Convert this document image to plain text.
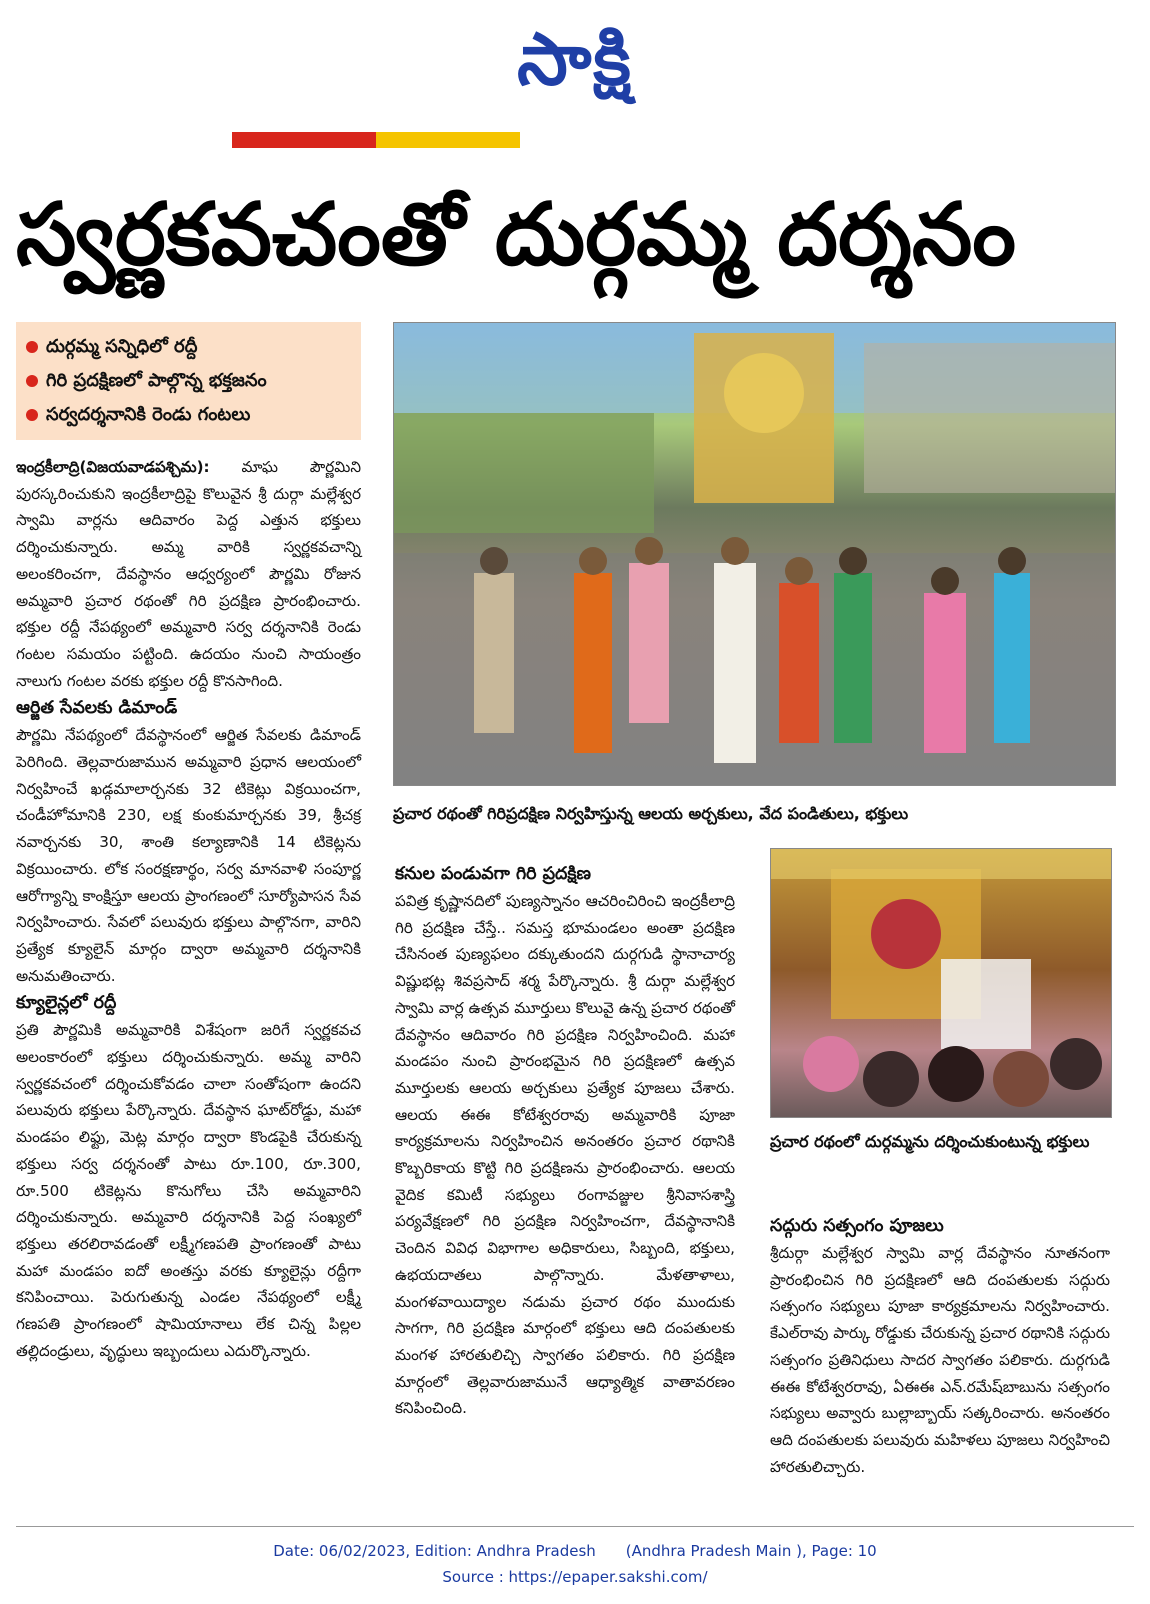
సాక్షి
స్వర్ణకవచంతో దుర్గమ్మ దర్శనం
దుర్గమ్మ సన్నిధిలో రద్దీ
గిరి ప్రదక్షిణలో పాల్గొన్న భక్తజనం
సర్వదర్శనానికి రెండు గంటలు

ఇంద్రకీలాద్రి(విజయవాడపశ్చిమ): మాఘ పౌర్ణమిని పురస్కరించుకుని ఇంద్రకీలాద్రిపై కొలువైన శ్రీ దుర్గా మల్లేశ్వర స్వామి వార్లను ఆదివారం పెద్ద ఎత్తున భక్తులు దర్శించుకున్నారు. అమ్మ వారికి స్వర్ణకవచాన్ని అలంకరించగా, దేవస్థానం ఆధ్వర్యంలో పౌర్ణమి రోజున అమ్మవారి ప్రచార రథంతో గిరి ప్రదక్షిణ ప్రారంభించారు. భక్తుల రద్దీ నేపథ్యంలో అమ్మవారి సర్వ దర్శనానికి రెండు గంటల సమయం పట్టింది. ఉదయం నుంచి సాయంత్రం నాలుగు గంటల వరకు భక్తుల రద్దీ కొనసాగింది.

ఆర్జిత సేవలకు డిమాండ్

పౌర్ణమి నేపథ్యంలో దేవస్థానంలో ఆర్జిత సేవలకు డిమాండ్ పెరిగింది. తెల్లవారుజామున అమ్మవారి ప్రధాన ఆలయంలో నిర్వహించే ఖడ్గమాలార్చనకు 32 టికెట్లు విక్రయించగా, చండీహోమానికి 230, లక్ష కుంకుమార్చనకు 39, శ్రీచక్ర నవార్చనకు 30, శాంతి కల్యాణానికి 14 టికెట్లను విక్రయించారు. లోక సంరక్షణార్థం, సర్వ మానవాళి సంపూర్ణ ఆరోగ్యాన్ని కాంక్షిస్తూ ఆలయ ప్రాంగణంలో సూర్యోపాసన సేవ నిర్వహించారు. సేవలో పలువురు భక్తులు పాల్గొనగా, వారిని ప్రత్యేక క్యూలైన్ మార్గం ద్వారా అమ్మవారి దర్శనానికి అనుమతించారు.

క్యూలైన్లలో రద్దీ

ప్రతి పౌర్ణమికి అమ్మవారికి విశేషంగా జరిగే స్వర్ణకవచ అలంకారంలో భక్తులు దర్శించుకున్నారు. అమ్మ వారిని స్వర్ణకవచంలో దర్శించుకోవడం చాలా సంతోషంగా ఉందని పలువురు భక్తులు పేర్కొన్నారు. దేవస్థాన ఘాట్‌రోడ్డు, మహా మండపం లిఫ్టు, మెట్ల మార్గం ద్వారా కొండపైకి చేరుకున్న భక్తులు సర్వ దర్శనంతో పాటు రూ.100, రూ.300, రూ.500 టికెట్లను కొనుగోలు చేసి అమ్మవారిని దర్శించుకున్నారు. అమ్మవారి దర్శనానికి పెద్ద సంఖ్యలో భక్తులు తరలిరావడంతో లక్ష్మీగణపతి ప్రాంగణంతో పాటు మహా మండపం ఐదో అంతస్తు వరకు క్యూలైన్లు రద్దీగా కనిపించాయి. పెరుగుతున్న ఎండల నేపథ్యంలో లక్ష్మీ గణపతి ప్రాంగణంలో షామియానాలు లేక చిన్న పిల్లల తల్లిదండ్రులు, వృద్ధులు ఇబ్బందులు ఎదుర్కొన్నారు.

ప్రచార రథంతో గిరిప్రదక్షిణ నిర్వహిస్తున్న ఆలయ అర్చకులు, వేద పండితులు, భక్తులు
కనుల పండువగా గిరి ప్రదక్షిణ

పవిత్ర కృష్ణానదిలో పుణ్యస్నానం ఆచరించిరించి ఇంద్రకీలాద్రి గిరి ప్రదక్షిణ చేస్తే.. సమస్త భూమండలం అంతా ప్రదక్షిణ చేసినంత పుణ్యఫలం దక్కుతుందని దుర్గగుడి స్థానాచార్య విష్ణుభట్ల శివప్రసాద్ శర్మ పేర్కొన్నారు. శ్రీ దుర్గా మల్లేశ్వర స్వామి వార్ల ఉత్సవ మూర్తులు కొలువై ఉన్న ప్రచార రథంతో దేవస్థానం ఆదివారం గిరి ప్రదక్షిణ నిర్వహించింది. మహా మండపం నుంచి ప్రారంభమైన గిరి ప్రదక్షిణలో ఉత్సవ మూర్తులకు ఆలయ అర్చకులు ప్రత్యేక పూజలు చేశారు. ఆలయ ఈఈ కోటేశ్వరరావు అమ్మవారికి పూజా కార్యక్రమాలను నిర్వహించిన అనంతరం ప్రచార రథానికి కొబ్బరికాయ కొట్టి గిరి ప్రదక్షిణను ప్రారంభించారు. ఆలయ వైదిక కమిటీ సభ్యులు రంగావజ్జుల శ్రీనివాసశాస్త్రి పర్యవేక్షణలో గిరి ప్రదక్షిణ నిర్వహించగా, దేవస్థానానికి చెందిన వివిధ విభాగాల అధికారులు, సిబ్బంది, భక్తులు, ఉభయదాతలు పాల్గొన్నారు. మేళతాళాలు, మంగళవాయిద్యాల నడుమ ప్రచార రథం ముందుకు సాగగా, గిరి ప్రదక్షిణ మార్గంలో భక్తులు ఆది దంపతులకు మంగళ హారతులిచ్చి స్వాగతం పలికారు. గిరి ప్రదక్షిణ మార్గంలో తెల్లవారుజామునే ఆధ్యాత్మిక వాతావరణం కనిపించింది.

ప్రచార రథంలో దుర్గమ్మను దర్శించుకుంటున్న భక్తులు
సద్గురు సత్సంగం పూజలు

శ్రీదుర్గా మల్లేశ్వర స్వామి వార్ల దేవస్థానం నూతనంగా ప్రారంభించిన గిరి ప్రదక్షిణలో ఆది దంపతులకు సద్గురు సత్సంగం సభ్యులు పూజా కార్యక్రమాలను నిర్వహించారు. కేఎల్‌రావు పార్కు రోడ్డుకు చేరుకున్న ప్రచార రథానికి సద్గురు సత్సంగం ప్రతినిధులు సాదర స్వాగతం పలికారు. దుర్గగుడి ఈఈ కోటేశ్వరరావు, ఏఈఈ ఎన్.రమేష్‌బాబును సత్సంగం సభ్యులు అవ్వారు బుల్లాబ్బాయ్ సత్కరించారు. అనంతరం ఆది దంపతులకు పలువురు మహిళలు పూజలు నిర్వహించి హారతులిచ్చారు.

Date: 06/02/2023, Edition: Andhra Pradesh (Andhra Pradesh Main ), Page: 10
Source : https://epaper.sakshi.com/
